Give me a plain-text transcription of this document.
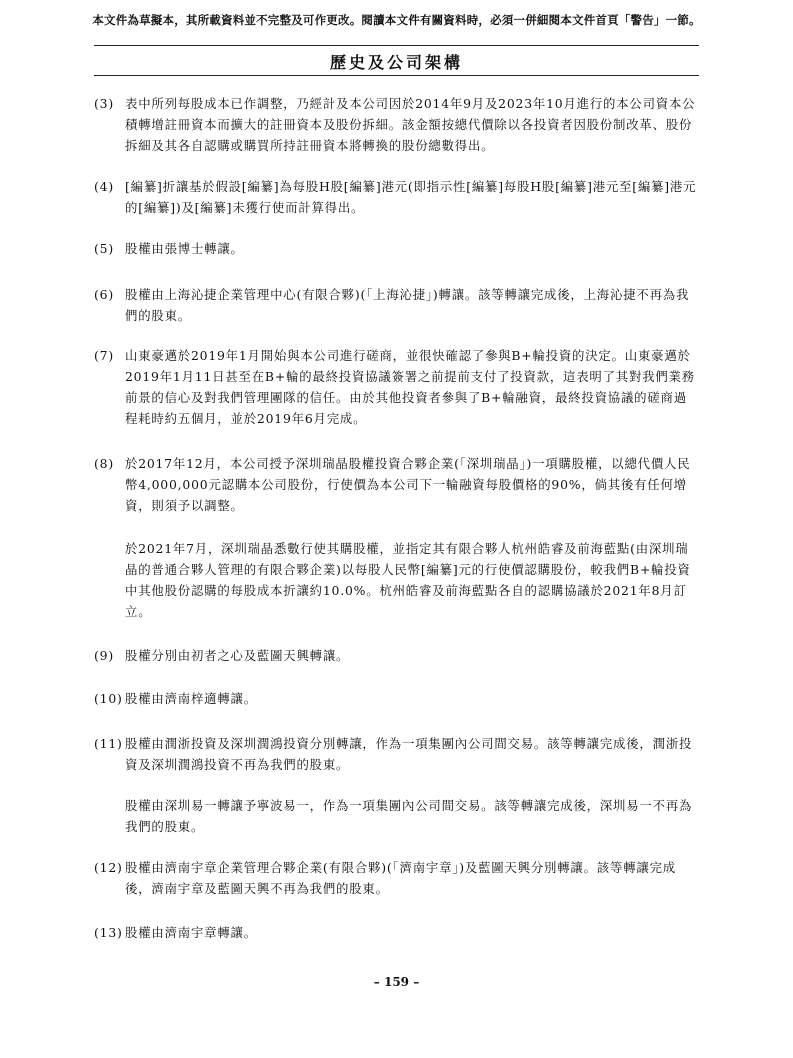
本文件為草擬本，其所載資料並不完整及可作更改。閱讀本文件有關資料時，必須一併細閱本文件首頁「警告」一節。
歷史及公司架構
(3) 表中所列每股成本已作調整，乃經計及本公司因於2014年9月及2023年10月進行的本公司資本公積轉增註冊資本而擴大的註冊資本及股份拆細。該金額按總代價除以各投資者因股份制改革、股份拆細及其各自認購或購買所持註冊資本將轉換的股份總數得出。
(4) [編纂]折讓基於假設[編纂]為每股H股[編纂]港元(即指示性[編纂]每股H股[編纂]港元至[編纂]港元的[編纂])及[編纂]未獲行使而計算得出。
(5) 股權由張博士轉讓。
(6) 股權由上海沁捷企業管理中心(有限合夥)(「上海沁捷」)轉讓。該等轉讓完成後，上海沁捷不再為我們的股東。
(7) 山東豪邁於2019年1月開始與本公司進行磋商，並很快確認了參與B+輪投資的決定。山東豪邁於2019年1月11日甚至在B+輪的最終投資協議簽署之前提前支付了投資款，這表明了其對我們業務前景的信心及對我們管理團隊的信任。由於其他投資者參與了B+輪融資，最終投資協議的磋商過程耗時約五個月，並於2019年6月完成。
(8) 於2017年12月，本公司授予深圳瑞晶股權投資合夥企業(「深圳瑞晶」)一項購股權，以總代價人民幣4,000,000元認購本公司股份，行使價為本公司下一輪融資每股價格的90%，倘其後有任何增資，則須予以調整。
於2021年7月，深圳瑞晶悉數行使其購股權，並指定其有限合夥人杭州皓睿及前海藍點(由深圳瑞晶的普通合夥人管理的有限合夥企業)以每股人民幣[編纂]元的行使價認購股份，較我們B+輪投資中其他股份認購的每股成本折讓約10.0%。杭州皓睿及前海藍點各自的認購協議於2021年8月訂立。
(9) 股權分別由初者之心及藍圖天興轉讓。
(10) 股權由濟南梓適轉讓。
(11) 股權由潤浙投資及深圳潤鴻投資分別轉讓，作為一項集團內公司間交易。該等轉讓完成後，潤浙投資及深圳潤鴻投資不再為我們的股東。
股權由深圳易一轉讓予寧波易一，作為一項集團內公司間交易。該等轉讓完成後，深圳易一不再為我們的股東。
(12) 股權由濟南宇章企業管理合夥企業(有限合夥)(「濟南宇章」)及藍圖天興分別轉讓。該等轉讓完成後，濟南宇章及藍圖天興不再為我們的股東。
(13) 股權由濟南宇章轉讓。
– 159 –
